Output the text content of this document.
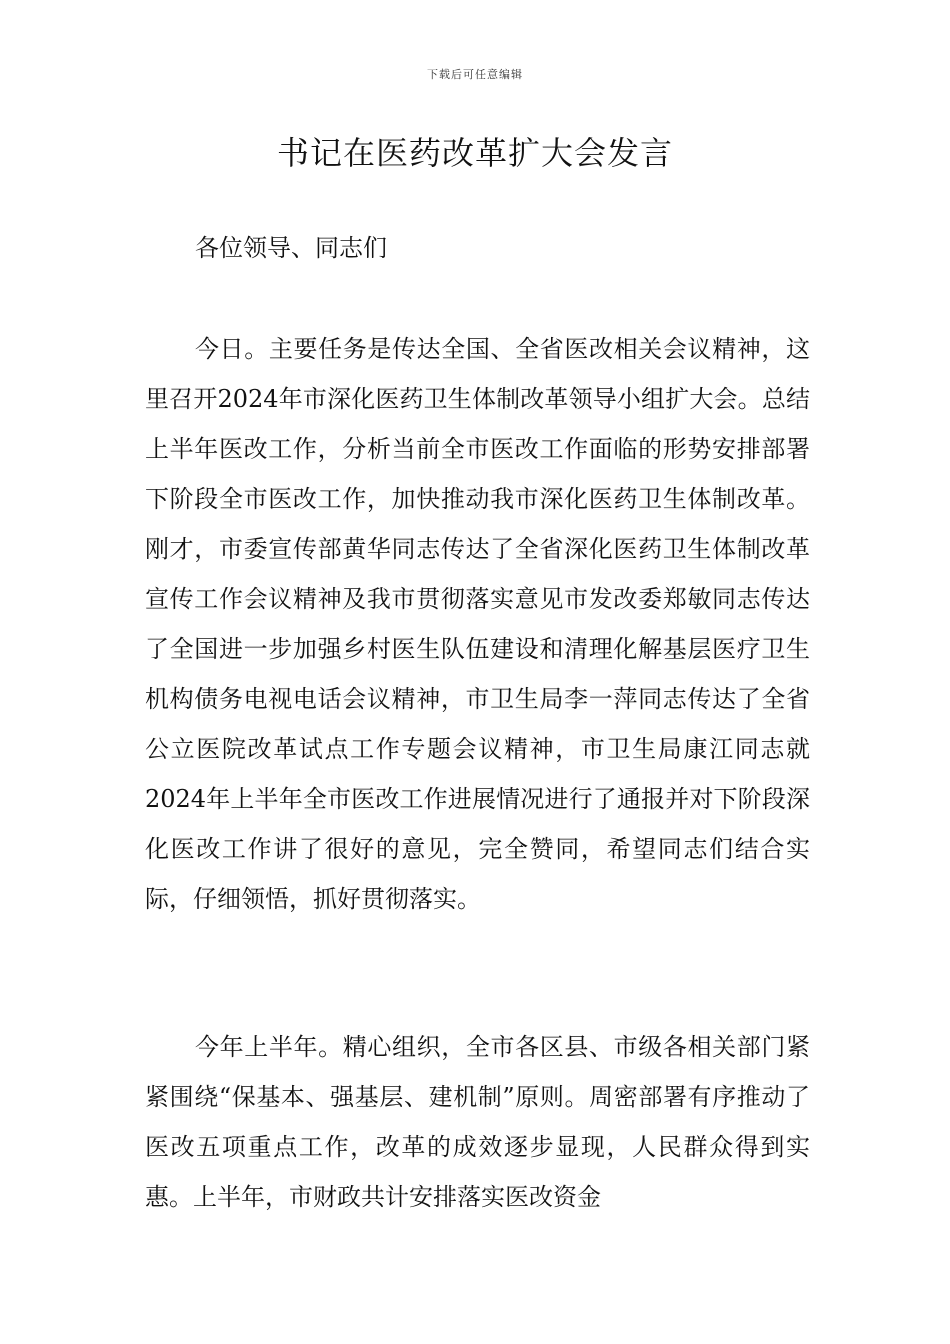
下载后可任意编辑
书记在医药改革扩大会发言

各位领导、同志们

今日。主要任务是传达全国、全省医改相关会议精神，这里召开2024年市深化医药卫生体制改革领导小组扩大会。总结上半年医改工作，分析当前全市医改工作面临的形势安排部署下阶段全市医改工作，加快推动我市深化医药卫生体制改革。刚才，市委宣传部黄华同志传达了全省深化医药卫生体制改革宣传工作会议精神及我市贯彻落实意见市发改委郑敏同志传达了全国进一步加强乡村医生队伍建设和清理化解基层医疗卫生机构债务电视电话会议精神，市卫生局李一萍同志传达了全省公立医院改革试点工作专题会议精神，市卫生局康江同志就2024年上半年全市医改工作进展情况进行了通报并对下阶段深化医改工作讲了很好的意见，完全赞同，希望同志们结合实际，仔细领悟，抓好贯彻落实。

今年上半年。精心组织，全市各区县、市级各相关部门紧紧围绕“保基本、强基层、建机制”原则。周密部署有序推动了医改五项重点工作，改革的成效逐步显现，人民群众得到实惠。上半年，市财政共计安排落实医改资金
